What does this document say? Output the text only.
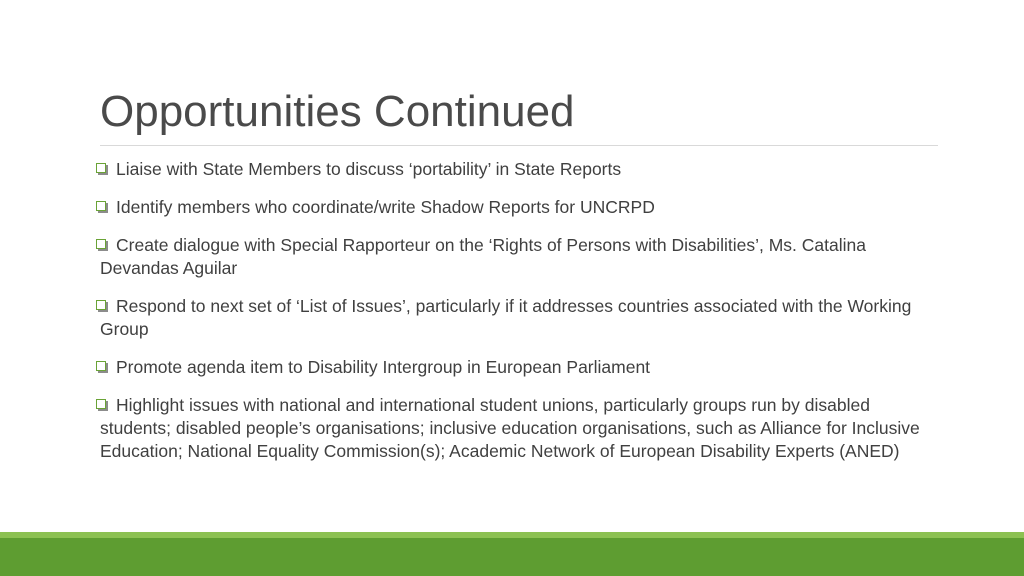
Opportunities Continued
Liaise with State Members to discuss ‘portability’ in State Reports
Identify members who coordinate/write Shadow Reports for UNCRPD
Create dialogue with Special Rapporteur on the ‘Rights of Persons with Disabilities’, Ms. Catalina Devandas Aguilar
Respond to next set of ‘List of Issues’, particularly if it addresses countries associated with the Working Group
Promote agenda item to Disability Intergroup in European Parliament
Highlight issues with national and international student unions, particularly groups run by disabled students; disabled people’s organisations; inclusive education organisations, such as Alliance for Inclusive Education; National Equality Commission(s); Academic Network of European Disability Experts (ANED)
